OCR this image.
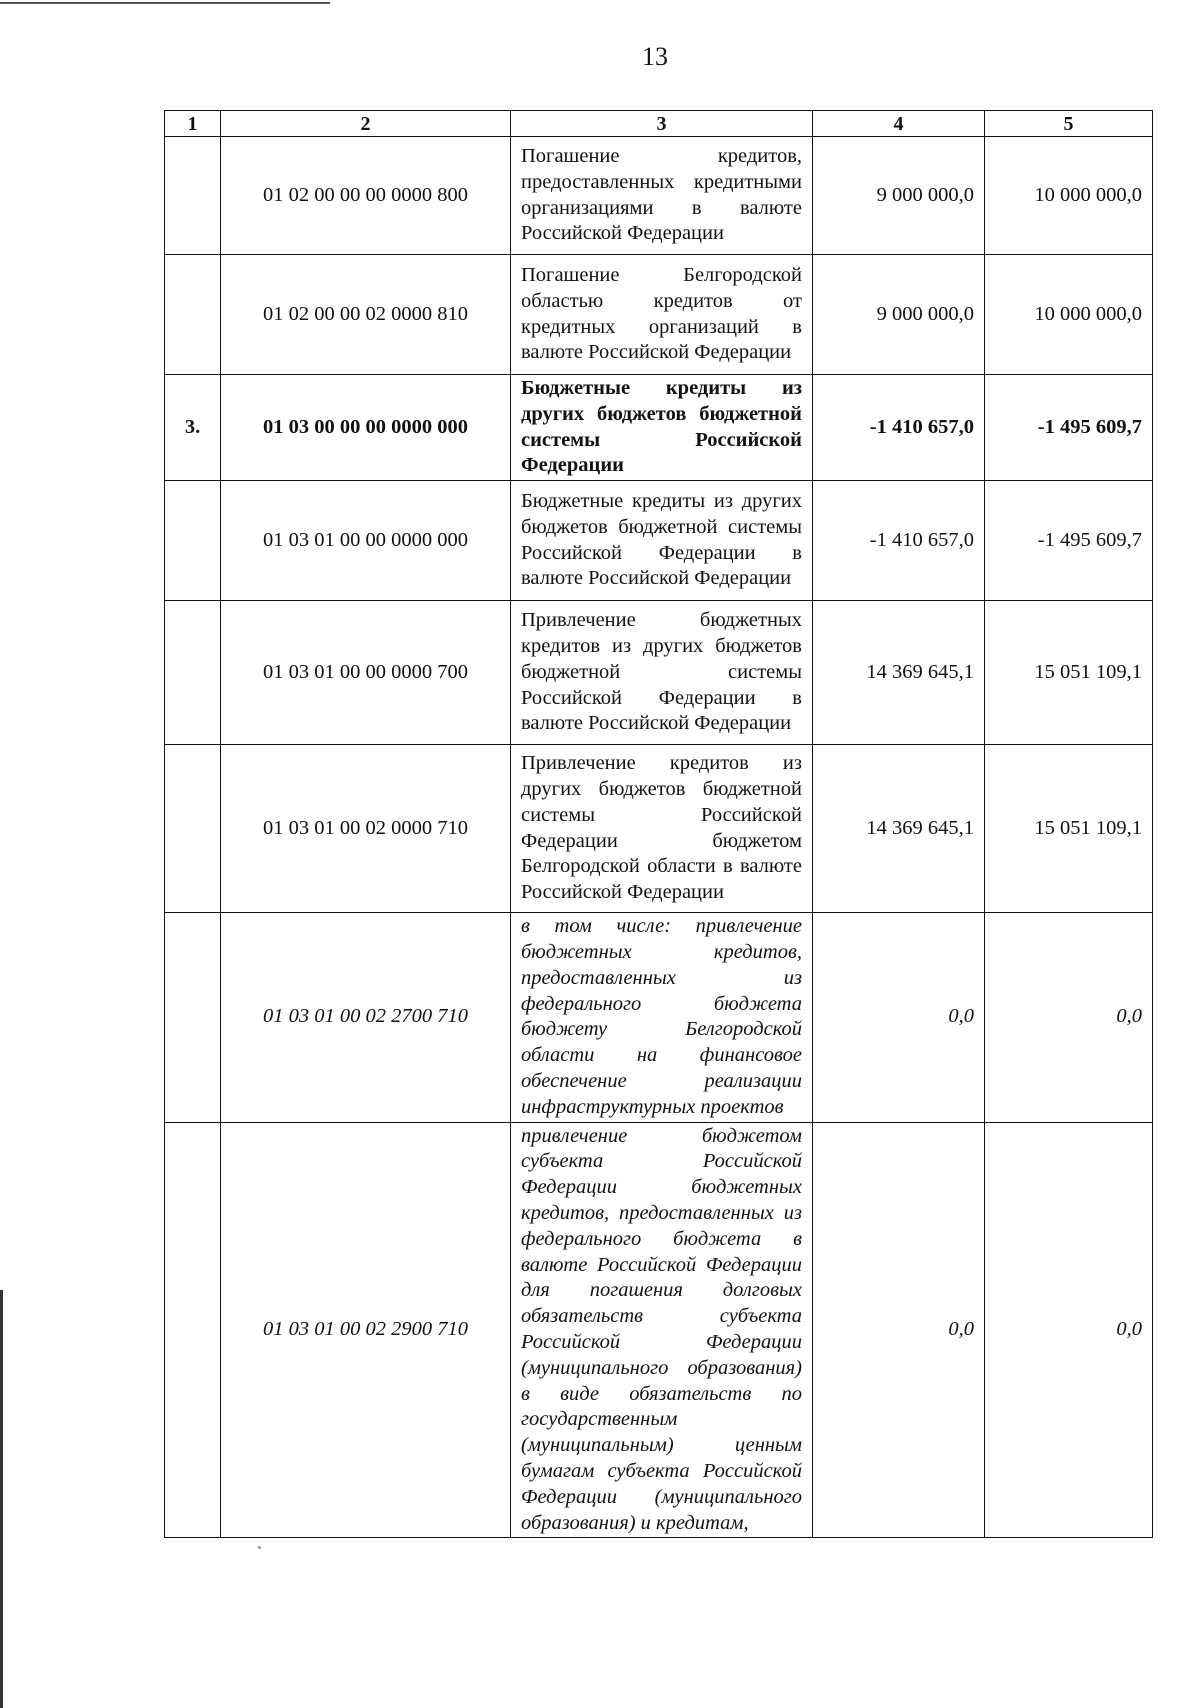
13
1	2	3	4	5
	01 02 00 00 00 0000 800	Погашение кредитов, предоставленных кредитными организациями в валюте Российской Федерации	9 000 000,0	10 000 000,0
	01 02 00 00 02 0000 810	Погашение Белгородской областью кредитов от кредитных организаций в валюте Российской Федерации	9 000 000,0	10 000 000,0
3.	01 03 00 00 00 0000 000	Бюджетные кредиты из других бюджетов бюджетной системы Российской Федерации	-1 410 657,0	-1 495 609,7
	01 03 01 00 00 0000 000	Бюджетные кредиты из других бюджетов бюджетной системы Российской Федерации в валюте Российской Федерации	-1 410 657,0	-1 495 609,7
	01 03 01 00 00 0000 700	Привлечение бюджетных кредитов из других бюджетов бюджетной системы Российской Федерации в валюте Российской Федерации	14 369 645,1	15 051 109,1
	01 03 01 00 02 0000 710	Привлечение кредитов из других бюджетов бюджетной системы Российской Федерации бюджетом Белгородской области в валюте Российской Федерации	14 369 645,1	15 051 109,1
	01 03 01 00 02 2700 710	в том числе: привлечение бюджетных кредитов, предоставленных из федерального бюджета бюджету Белгородской области на финансовое обеспечение реализации инфраструктурных проектов	0,0	0,0
	01 03 01 00 02 2900 710	привлечение бюджетом субъекта Российской Федерации бюджетных кредитов, предоставленных из федерального бюджета в валюте Российской Федерации для погашения долговых обязательств субъекта Российской Федерации (муниципального образования) в виде обязательств по государственным (муниципальным) ценным бумагам субъекта Российской Федерации (муниципального образования) и кредитам,	0,0	0,0
